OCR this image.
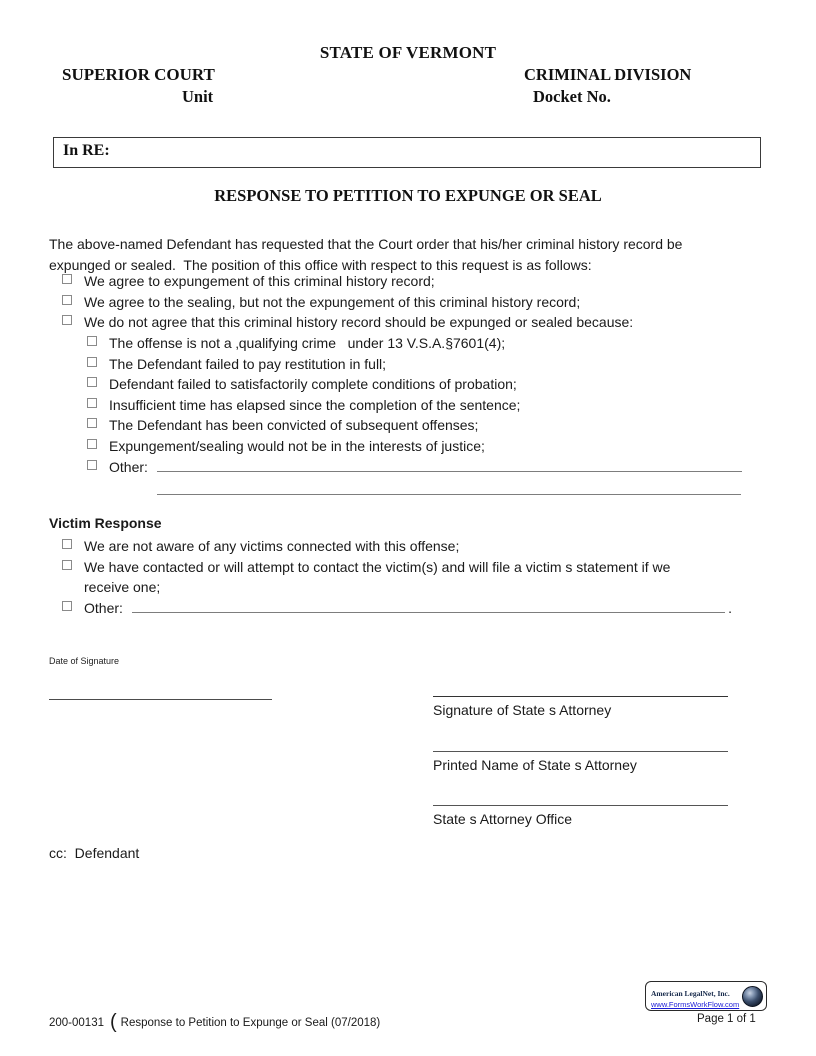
STATE OF VERMONT
SUPERIOR COURT	CRIMINAL DIVISION
Unit	Docket No.
In RE:
RESPONSE TO PETITION TO EXPUNGE OR SEAL
The above-named Defendant has requested that the Court order that his/her criminal history record be
expunged or sealed.  The position of this office with respect to this request is as follows:
We agree to expungement of this criminal history record;
We agree to the sealing, but not the expungement of this criminal history record;
We do not agree that this criminal history record should be expunged or sealed because:
The offense is not a ‚qualifying crime   under 13 V.S.A.§7601(4);
The Defendant failed to pay restitution in full;
Defendant failed to satisfactorily complete conditions of probation;
Insufficient time has elapsed since the completion of the sentence;
The Defendant has been convicted of subsequent offenses;
Expungement/sealing would not be in the interests of justice;
Other:
Victim Response
We are not aware of any victims connected with this offense;
We have contacted or will attempt to contact the victim(s) and will file a victim s statement if we
receive one;
Other:	.
Date of Signature
Signature of State s Attorney
Printed Name of State s Attorney
State s Attorney Office
cc:  Defendant
American LegalNet, Inc.
www.FormsWorkFlow.com
200-00131 ( Response to Petition to Expunge or Seal (07/2018)	Page 1 of 1
